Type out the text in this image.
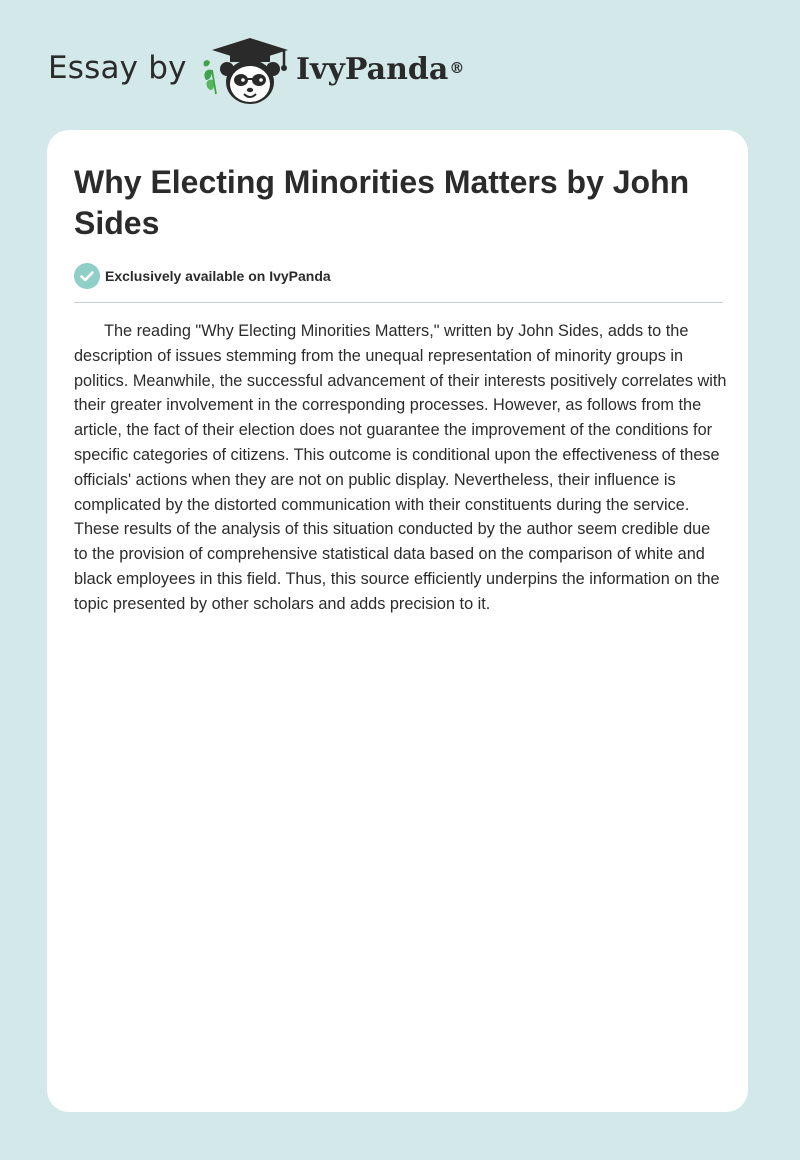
Essay by	IvyPanda®
Why Electing Minorities Matters by John Sides
Exclusively available on IvyPanda

The reading "Why Electing Minorities Matters," written by John Sides, adds to the description of issues stemming from the unequal representation of minority groups in politics. Meanwhile, the successful advancement of their interests positively correlates with their greater involvement in the corresponding processes. However, as follows from the article, the fact of their election does not guarantee the improvement of the conditions for specific categories of citizens. This outcome is conditional upon the effectiveness of these officials' actions when they are not on public display. Nevertheless, their influence is complicated by the distorted communication with their constituents during the service. These results of the analysis of this situation conducted by the author seem credible due to the provision of comprehensive statistical data based on the comparison of white and black employees in this field. Thus, this source efficiently underpins the information on the topic presented by other scholars and adds precision to it.
